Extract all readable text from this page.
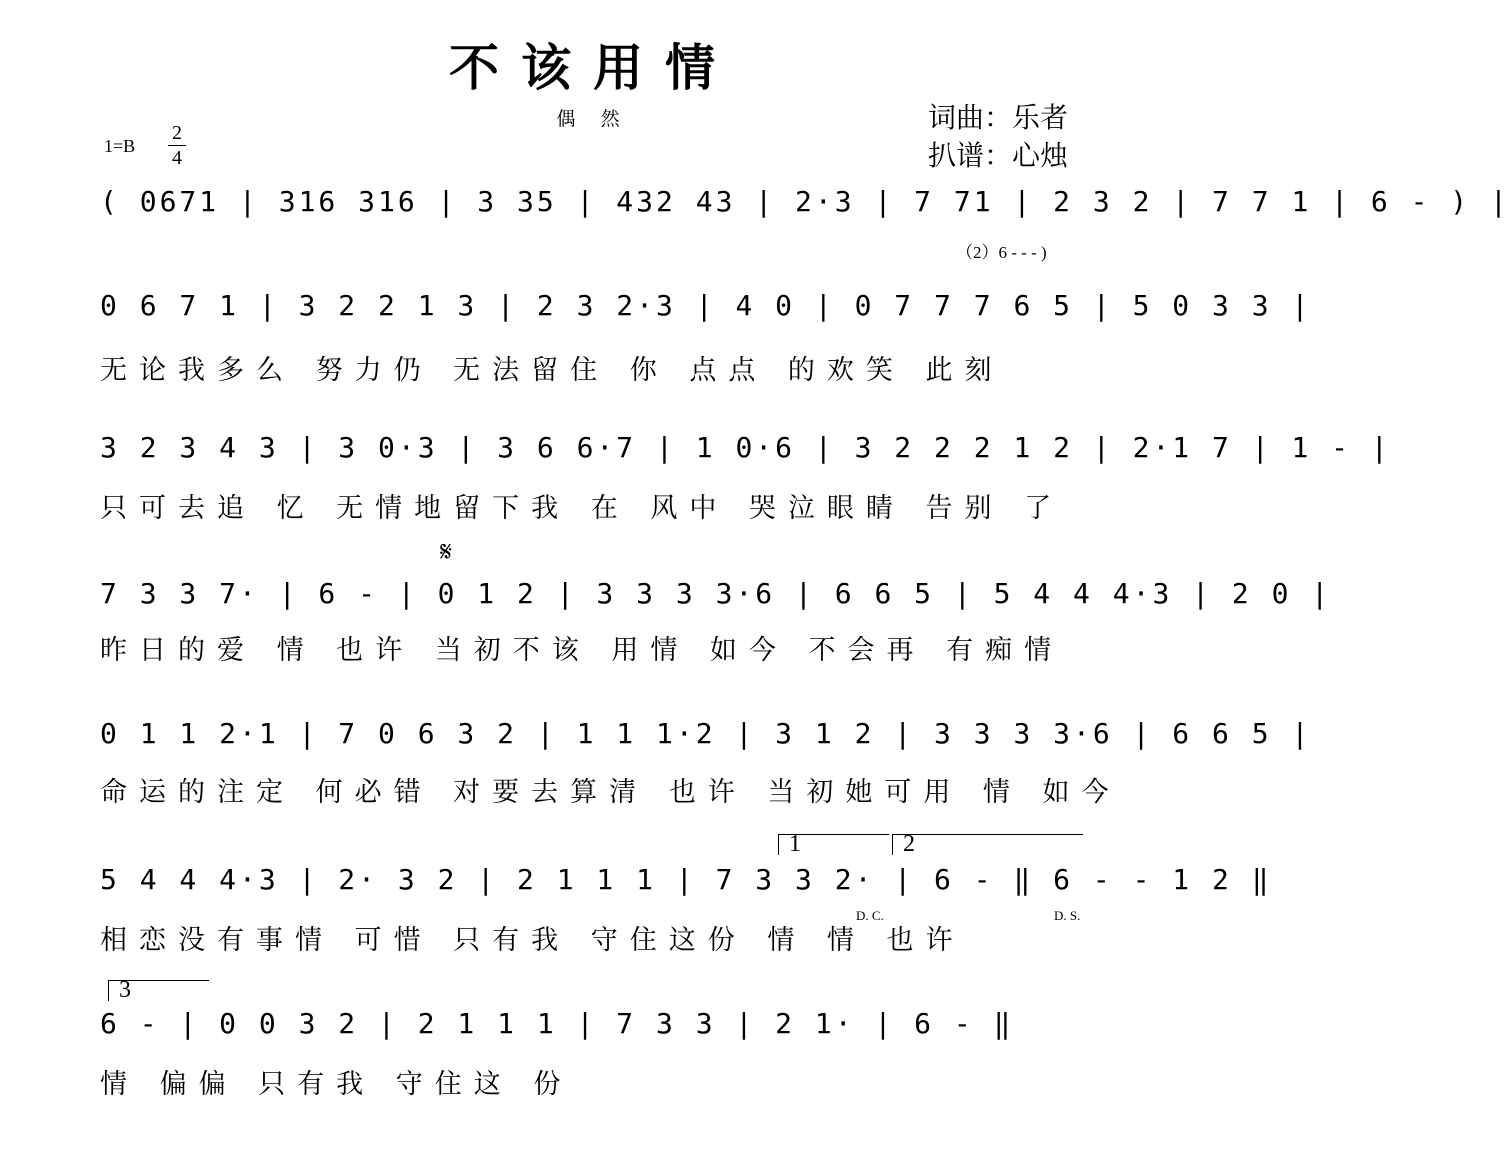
不该用情
偶 然	词曲：乐者
扒谱：心烛
1=B
2
4
( 0671 | 316 316 | 3 35 | 432 43 | 2·3 | 7 71 | 2 3 2 | 7 7 1 | 6 - ) |
（2）6 - - - )
0 6 7 1 | 3 2 2 1 3 | 2 3 2·3 | 4 0 | 0 7 7 7 6 5 | 5 0 3 3 |
无论我多么 努力仍 无法留住 你 点点 的欢笑 此刻
3 2 3 4 3 | 3 0·3 | 3 6 6·7 | 1 0·6 | 3 2 2 2 1 2 | 2·1 7 | 1 - |
只可去追 忆 无情地留下我 在 风中 哭泣眼睛 告别 了
𝄋
7 3 3 7· | 6 - | 0 1 2 | 3 3 3 3·6 | 6 6 5 | 5 4 4 4·3 | 2 0 |
昨日的爱 情 也许 当初不该 用情 如今 不会再 有痴情
0 1 1 2·1 | 7 0 6 3 2 | 1 1 1·2 | 3 1 2 | 3 3 3 3·6 | 6 6 5 |
命运的注定 何必错 对要去算清 也许 当初她可用 情 如今
1	2
5 4 4 4·3 | 2· 3 2 | 2 1 1 1 | 7 3 3 2· | 6 - ‖ 6 - - 1 2 ‖
相恋没有事情 可惜 只有我 守住这份 情 情 也许
D. C.	D. S.
3
6 - | 0 0 3 2 | 2 1 1 1 | 7 3 3 | 2 1· | 6 - ‖
情 偏偏 只有我 守住这 份
